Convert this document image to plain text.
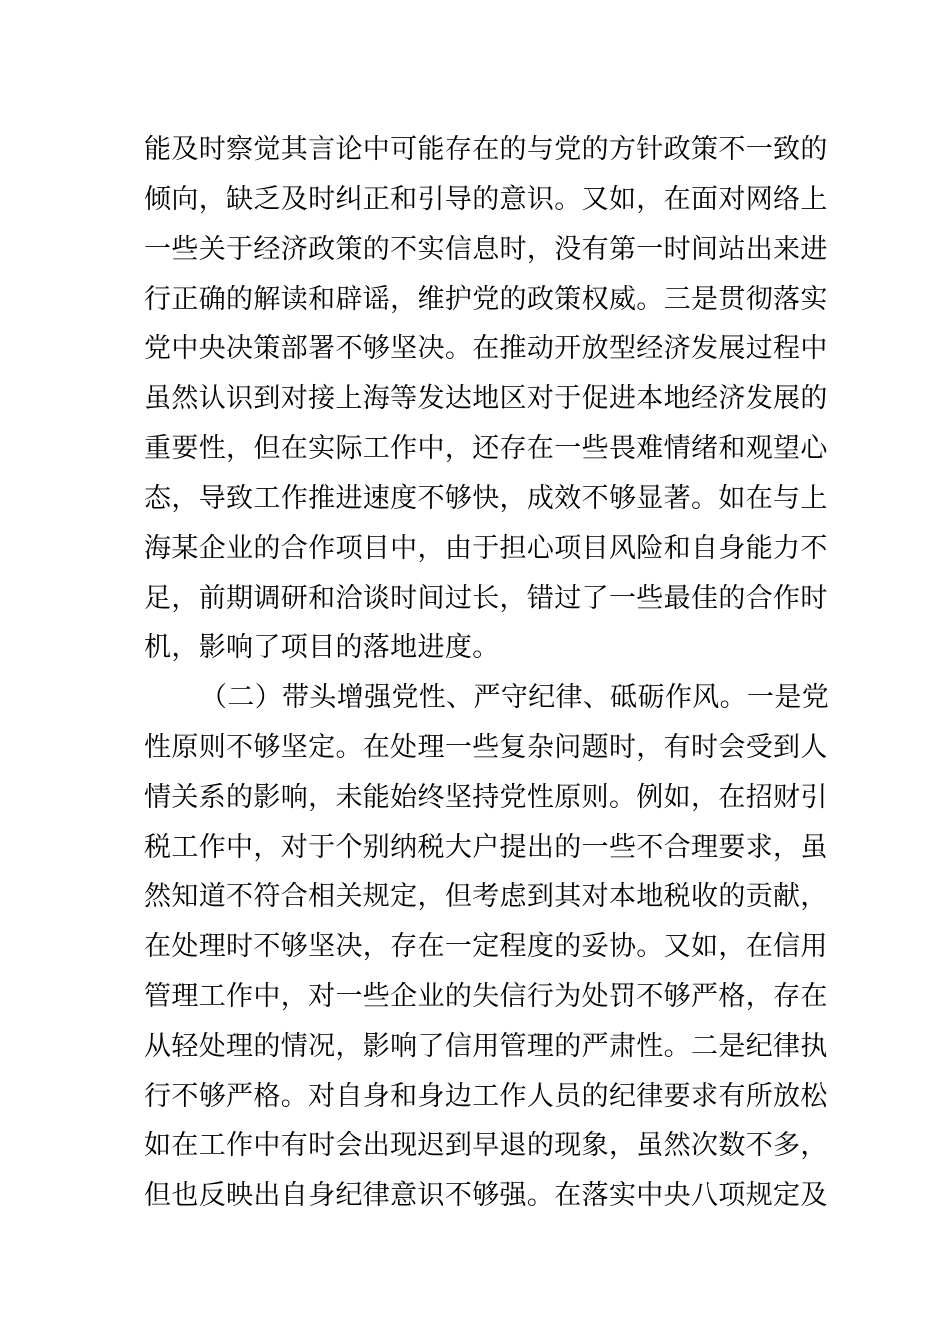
能及时察觉其言论中可能存在的与党的方针政策不一致的
倾向，缺乏及时纠正和引导的意识。又如，在面对网络上
一些关于经济政策的不实信息时，没有第一时间站出来进
行正确的解读和辟谣，维护党的政策权威。三是贯彻落实
党中央决策部署不够坚决。在推动开放型经济发展过程中
虽然认识到对接上海等发达地区对于促进本地经济发展的
重要性，但在实际工作中，还存在一些畏难情绪和观望心
态，导致工作推进速度不够快，成效不够显著。如在与上
海某企业的合作项目中，由于担心项目风险和自身能力不
足，前期调研和洽谈时间过长，错过了一些最佳的合作时
机，影响了项目的落地进度。
（二）带头增强党性、严守纪律、砥砺作风。一是党
性原则不够坚定。在处理一些复杂问题时，有时会受到人
情关系的影响，未能始终坚持党性原则。例如，在招财引
税工作中，对于个别纳税大户提出的一些不合理要求，虽
然知道不符合相关规定，但考虑到其对本地税收的贡献，
在处理时不够坚决，存在一定程度的妥协。又如，在信用
管理工作中，对一些企业的失信行为处罚不够严格，存在
从轻处理的情况，影响了信用管理的严肃性。二是纪律执
行不够严格。对自身和身边工作人员的纪律要求有所放松
如在工作中有时会出现迟到早退的现象，虽然次数不多，
但也反映出自身纪律意识不够强。在落实中央八项规定及
